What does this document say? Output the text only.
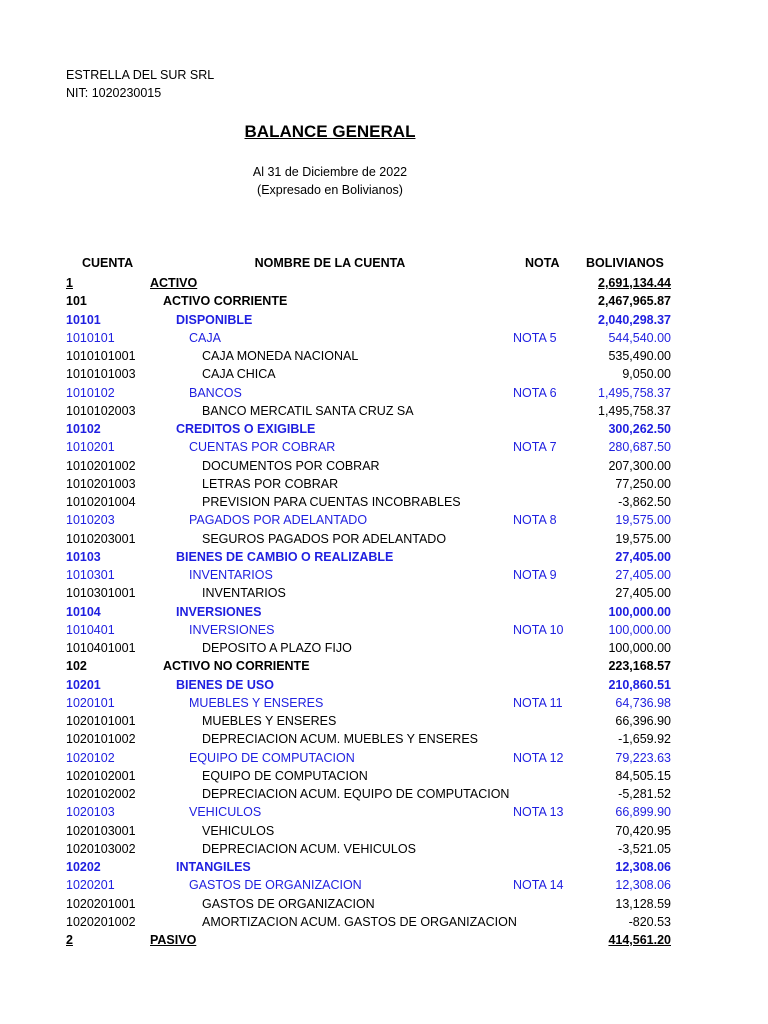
ESTRELLA DEL SUR SRL
NIT: 1020230015
BALANCE GENERAL
Al 31 de Diciembre de 2022
(Expresado en Bolivianos)
CUENTA	NOMBRE DE LA CUENTA	NOTA BOLIVIANOS
1	ACTIVO	2,691,134.44
101	ACTIVO CORRIENTE	2,467,965.87
10101	DISPONIBLE	2,040,298.37
1010101	CAJA	NOTA 5	544,540.00
1010101001	CAJA MONEDA NACIONAL	535,490.00
1010101003	CAJA CHICA	9,050.00
1010102	BANCOS	NOTA 6	1,495,758.37
1010102003	BANCO MERCATIL SANTA CRUZ SA	1,495,758.37
10102	CREDITOS O EXIGIBLE	300,262.50
1010201	CUENTAS POR COBRAR	NOTA 7	280,687.50
1010201002	DOCUMENTOS POR COBRAR	207,300.00
1010201003	LETRAS POR COBRAR	77,250.00
1010201004	PREVISION PARA CUENTAS INCOBRABLES	-3,862.50
1010203	PAGADOS POR ADELANTADO	NOTA 8	19,575.00
1010203001	SEGUROS PAGADOS POR ADELANTADO	19,575.00
10103	BIENES DE CAMBIO O REALIZABLE	27,405.00
1010301	INVENTARIOS	NOTA 9	27,405.00
1010301001	INVENTARIOS	27,405.00
10104	INVERSIONES	100,000.00
1010401	INVERSIONES	NOTA 10	100,000.00
1010401001	DEPOSITO A PLAZO FIJO	100,000.00
102	ACTIVO NO CORRIENTE	223,168.57
10201	BIENES DE USO	210,860.51
1020101	MUEBLES Y ENSERES	NOTA 11	64,736.98
1020101001	MUEBLES Y ENSERES	66,396.90
1020101002	DEPRECIACION ACUM. MUEBLES Y ENSERES	-1,659.92
1020102	EQUIPO DE COMPUTACION	NOTA 12	79,223.63
1020102001	EQUIPO DE COMPUTACION	84,505.15
1020102002	DEPRECIACION ACUM. EQUIPO DE COMPUTACION	-5,281.52
1020103	VEHICULOS	NOTA 13	66,899.90
1020103001	VEHICULOS	70,420.95
1020103002	DEPRECIACION ACUM. VEHICULOS	-3,521.05
10202	INTANGILES	12,308.06
1020201	GASTOS DE ORGANIZACION	NOTA 14	12,308.06
1020201001	GASTOS DE ORGANIZACION	13,128.59
1020201002	AMORTIZACION ACUM. GASTOS DE ORGANIZACION	-820.53
2	PASIVO	414,561.20
